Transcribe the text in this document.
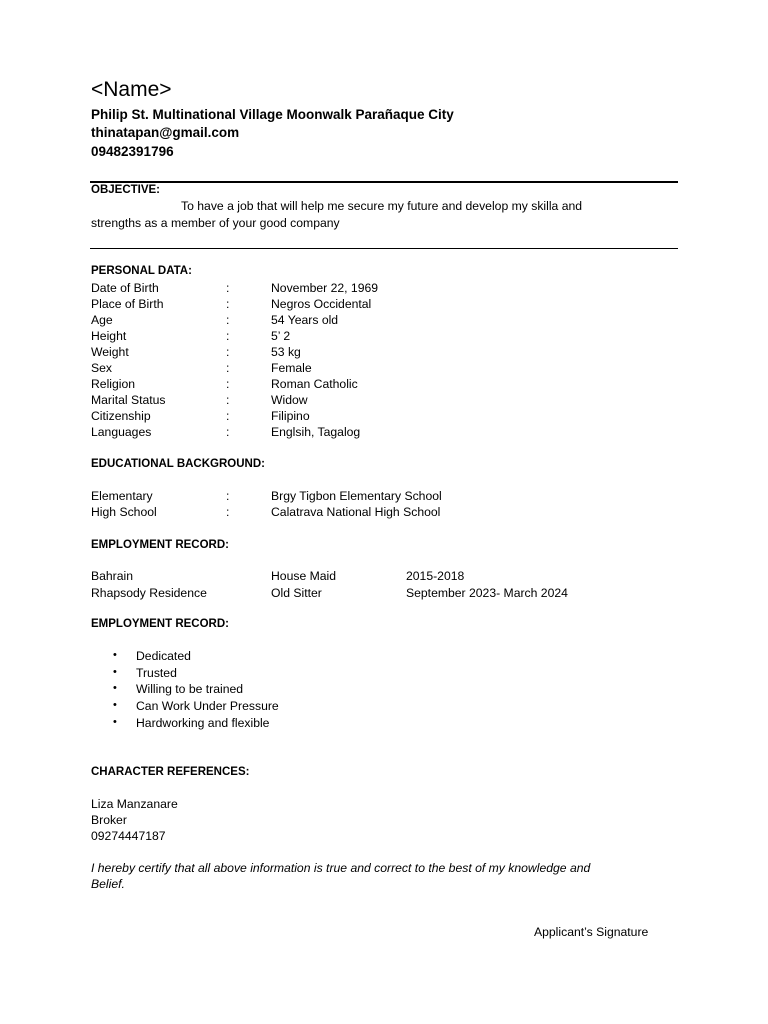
<Name>
Philip St. Multinational Village Moonwalk Parañaque City
thinatapan@gmail.com
09482391796
OBJECTIVE:
To have a job that will help me secure my future and develop my skilla and
strengths as a member of your good company
PERSONAL DATA:
Date of Birth	:	November 22, 1969
Place of Birth	:	Negros Occidental
Age	:	54 Years old
Height	:	5’ 2
Weight	:	53 kg
Sex	:	Female
Religion	:	Roman Catholic
Marital Status	:	Widow
Citizenship	:	Filipino
Languages	:	Englsih, Tagalog
EDUCATIONAL BACKGROUND:
Elementary	:	Brgy Tigbon Elementary School
High School	:	Calatrava National High School
EMPLOYMENT RECORD:
Bahrain	House Maid	2015-2018
Rhapsody Residence	Old Sitter	September 2023- March 2024
EMPLOYMENT RECORD:
• Dedicated
• Trusted
• Willing to be trained
• Can Work Under Pressure
• Hardworking and flexible
CHARACTER REFERENCES:
Liza Manzanare
Broker
09274447187
I hereby certify that all above information is true and correct to the best of my knowledge and
Belief.
Applicant’s Signature
